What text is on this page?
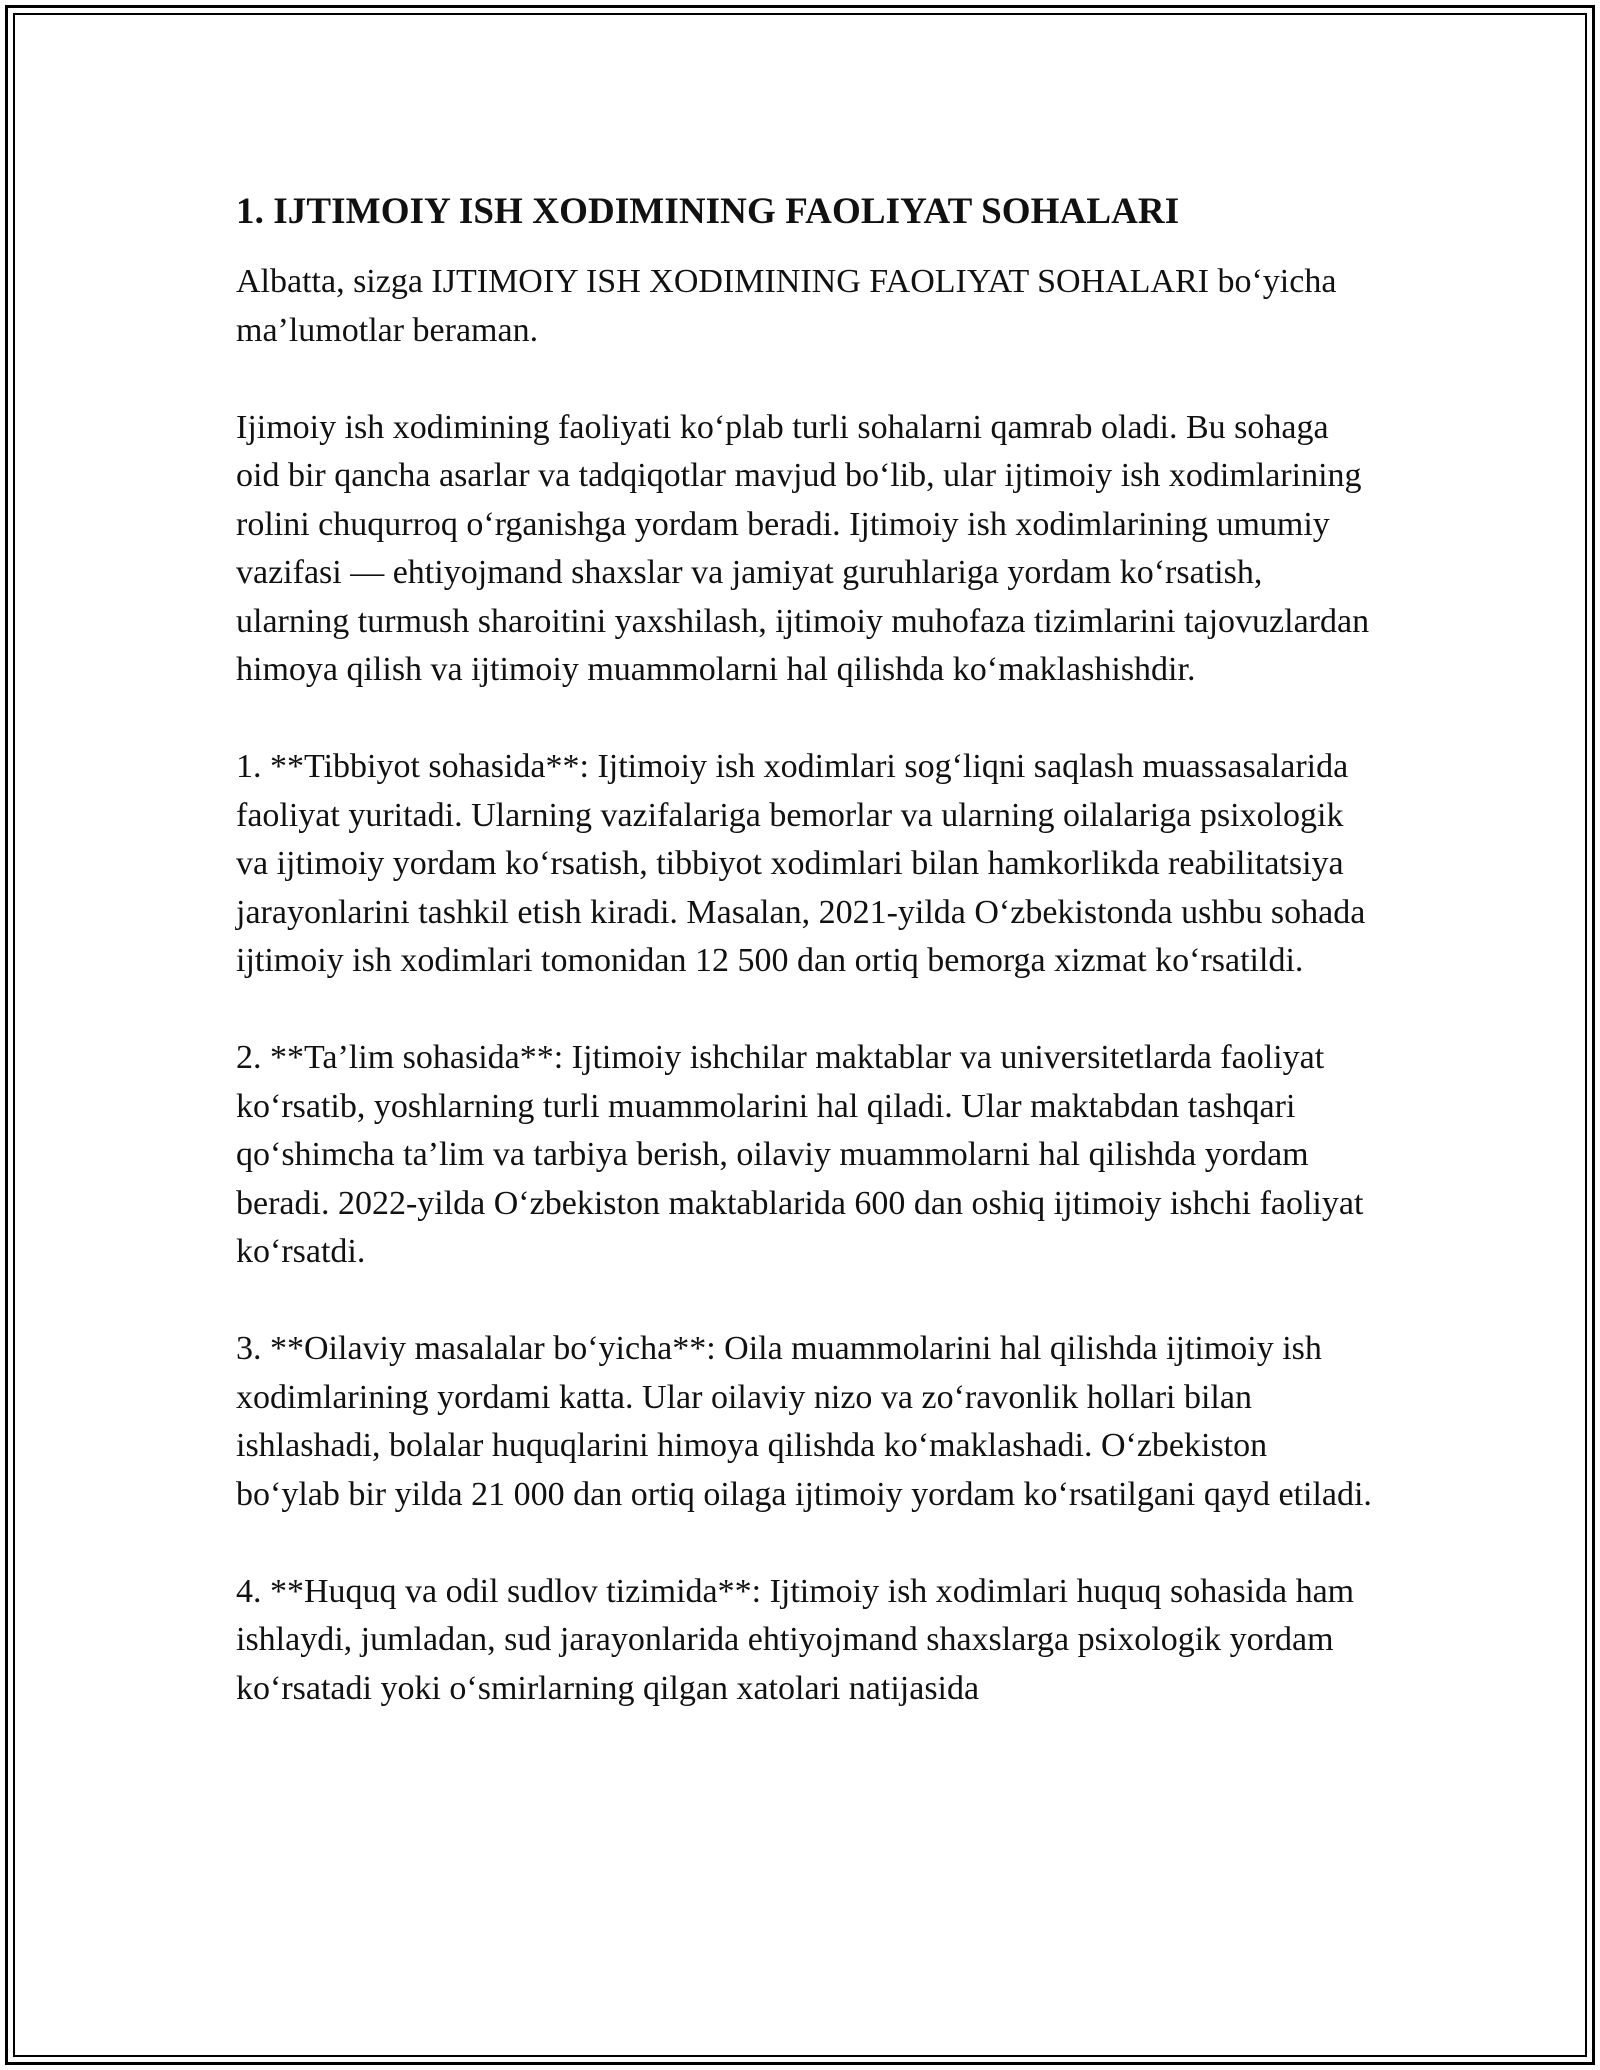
1. IJTIMOIY ISH XODIMINING FAOLIYAT SOHALARI

Albatta, sizga IJTIMOIY ISH XODIMINING FAOLIYAT SOHALARI bo‘yicha ma’lumotlar beraman.

Ijimoiy ish xodimining faoliyati ko‘plab turli sohalarni qamrab oladi. Bu sohaga oid bir qancha asarlar va tadqiqotlar mavjud bo‘lib, ular ijtimoiy ish xodimlarining rolini chuqurroq o‘rganishga yordam beradi. Ijtimoiy ish xodimlarining umumiy vazifasi — ehtiyojmand shaxslar va jamiyat guruhlariga yordam ko‘rsatish, ularning turmush sharoitini yaxshilash, ijtimoiy muhofaza tizimlarini tajovuzlardan himoya qilish va ijtimoiy muammolarni hal qilishda ko‘maklashishdir.

1. **Tibbiyot sohasida**: Ijtimoiy ish xodimlari sog‘liqni saqlash muassasalarida faoliyat yuritadi. Ularning vazifalariga bemorlar va ularning oilalariga psixologik va ijtimoiy yordam ko‘rsatish, tibbiyot xodimlari bilan hamkorlikda reabilitatsiya jarayonlarini tashkil etish kiradi. Masalan, 2021-yilda O‘zbekistonda ushbu sohada ijtimoiy ish xodimlari tomonidan 12 500 dan ortiq bemorga xizmat ko‘rsatildi.

2. **Ta’lim sohasida**: Ijtimoiy ishchilar maktablar va universitetlarda faoliyat ko‘rsatib, yoshlarning turli muammolarini hal qiladi. Ular maktabdan tashqari qo‘shimcha ta’lim va tarbiya berish, oilaviy muammolarni hal qilishda yordam beradi. 2022-yilda O‘zbekiston maktablarida 600 dan oshiq ijtimoiy ishchi faoliyat ko‘rsatdi.

3. **Oilaviy masalalar bo‘yicha**: Oila muammolarini hal qilishda ijtimoiy ish xodimlarining yordami katta. Ular oilaviy nizo va zo‘ravonlik hollari bilan ishlashadi, bolalar huquqlarini himoya qilishda ko‘maklashadi. O‘zbekiston bo‘ylab bir yilda 21 000 dan ortiq oilaga ijtimoiy yordam ko‘rsatilgani qayd etiladi.

4. **Huquq va odil sudlov tizimida**: Ijtimoiy ish xodimlari huquq sohasida ham ishlaydi, jumladan, sud jarayonlarida ehtiyojmand shaxslarga psixologik yordam ko‘rsatadi yoki o‘smirlarning qilgan xatolari natijasida
